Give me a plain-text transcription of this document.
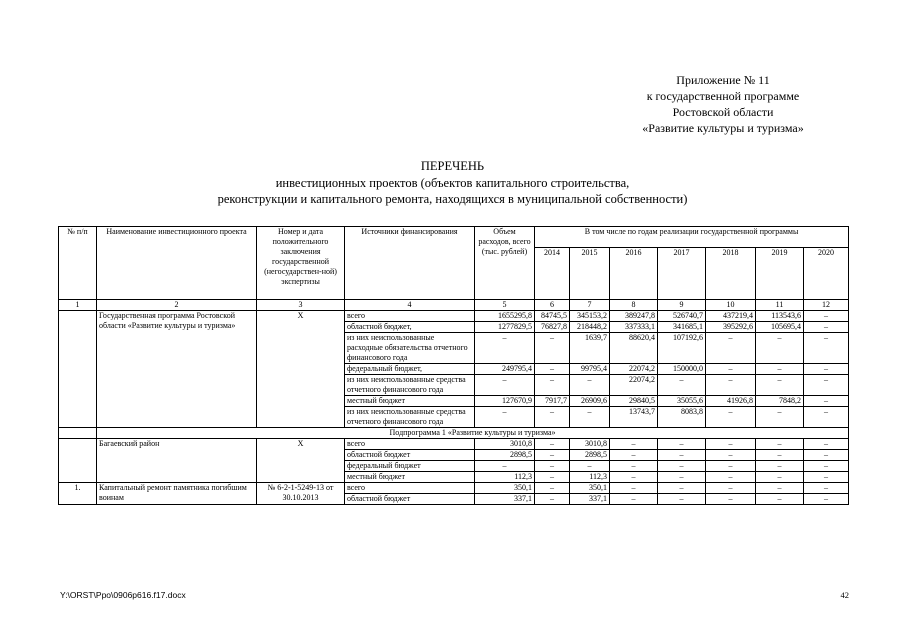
Приложение № 11
к государственной программе
Ростовской области
«Развитие культуры и туризма»
ПЕРЕЧЕНЬ
инвестиционных проектов (объектов капитального строительства,
реконструкции и капитального ремонта, находящихся в муниципальной собственности)
№ п/п	Наименование инвестиционного проекта	Номер и дата положительного заключения государственной (негосударствен-ной) экспертизы	Источники финансирования	Объем расходов, всего (тыс. рублей)	В том числе по годам реализации государственной программы						
					2014	2015	2016	2017	2018	2019	2020
1	2	3	4	5	6	7	8	9	10	11	12
	Государственная программа Ростовской области «Развитие культуры и туризма»	X	всего	1655295,8	84745,5	345153,2	389247,8	526740,7	437219,4	113543,6	–
			областной бюджет,	1277829,5	76827,8	218448,2	337333,1	341685,1	395292,6	105695,4	–
			из них неиспользованные расходные обязательства отчетного финансового года	–	–	1639,7	88620,4	107192,6	–	–	–
			федеральный бюджет,	249795,4	–	99795,4	22074,2	150000,0	–	–	–
			из них неиспользованные средства отчетного финансового года	–	–	–	22074,2	–	–	–	–
			местный бюджет	127670,9	7917,7	26909,6	29840,5	35055,6	41926,8	7848,2	–
			из них неиспользованные средства отчетного финансового года	–	–	–	13743,7	8083,8	–	–	–
	Подпрограмма 1 «Развитие культуры и туризма»										
	Багаевский район	X	всего	3010,8	–	3010,8	–	–	–	–	–
			областной бюджет	2898,5	–	2898,5	–	–	–	–	–
			федеральный бюджет	–	–	–	–	–	–	–	–
			местный бюджет	112,3	–	112,3	–	–	–	–	–
1.	Капитальный ремонт памятника погибшим воинам	№ 6-2-1-5249-13 от 30.10.2013	всего	350,1	–	350,1	–	–	–	–	–
			областной бюджет	337,1	–	337,1	–	–	–	–	–
Y:\ORST\Ppo\0906p616.f17.docx	42
